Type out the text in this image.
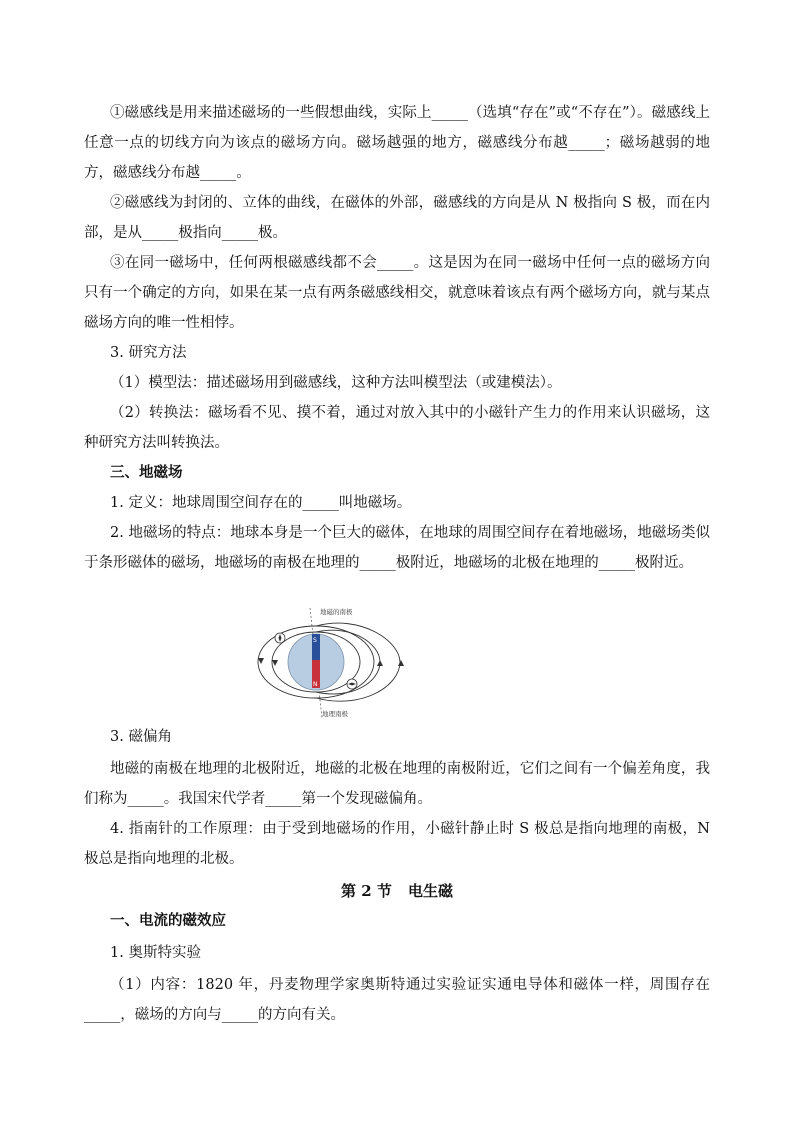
①磁感线是用来描述磁场的一些假想曲线，实际上_____（选填“存在”或“不存在”）。磁感线上任意一点的切线方向为该点的磁场方向。磁场越强的地方，磁感线分布越_____；磁场越弱的地方，磁感线分布越_____。

②磁感线为封闭的、立体的曲线，在磁体的外部，磁感线的方向是从 N 极指向 S 极，而在内部，是从_____极指向_____极。

③在同一磁场中，任何两根磁感线都不会_____。这是因为在同一磁场中任何一点的磁场方向只有一个确定的方向，如果在某一点有两条磁感线相交，就意味着该点有两个磁场方向，就与某点磁场方向的唯一性相悖。

3. 研究方法

（1）模型法：描述磁场用到磁感线，这种方法叫模型法（或建模法）。

（2）转换法：磁场看不见、摸不着，通过对放入其中的小磁针产生力的作用来认识磁场，这种研究方法叫转换法。

三、地磁场

1. 定义：地球周围空间存在的_____叫地磁场。

2. 地磁场的特点：地球本身是一个巨大的磁体，在地球的周围空间存在着地磁场，地磁场类似于条形磁体的磁场，地磁场的南极在地理的_____极附近，地磁场的北极在地理的_____极附近。

S
N
地磁的南极
地理南极

3. 磁偏角

地磁的南极在地理的北极附近，地磁的北极在地理的南极附近，它们之间有一个偏差角度，我们称为_____。我国宋代学者_____第一个发现磁偏角。

4. 指南针的工作原理：由于受到地磁场的作用，小磁针静止时 S 极总是指向地理的南极，N 极总是指向地理的北极。

第 2 节 电生磁

一、电流的磁效应

1. 奥斯特实验

（1）内容：1820 年，丹麦物理学家奥斯特通过实验证实通电导体和磁体一样，周围存在_____，磁场的方向与_____的方向有关。
